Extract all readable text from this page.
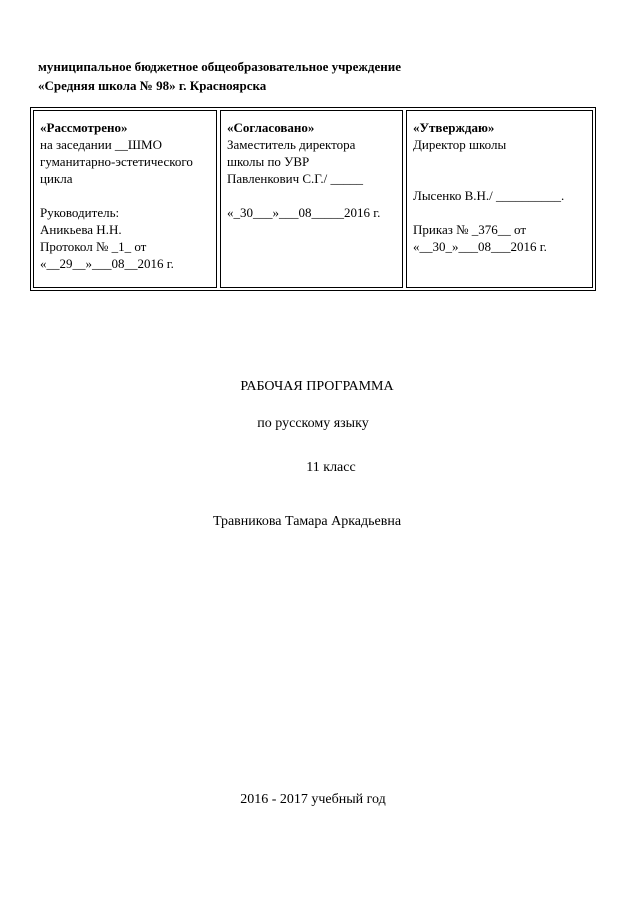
муниципальное бюджетное общеобразовательное учреждение
«Средняя школа № 98» г. Красноярска
«Рассмотрено»
на заседании __ШМО
гуманитарно-эстетического
цикла
Руководитель:
Аникьева Н.Н.
Протокол № _1_ от
«__29__»___08__2016 г.
«Согласовано»
Заместитель директора
школы по УВР
Павленкович С.Г./ _____
«_30___»___08_____2016 г.
«Утверждаю»
Директор школы
Лысенко В.Н./ __________.
Приказ № _376__ от
«__30_»___08___2016 г.
РАБОЧАЯ ПРОГРАММА
по русскому языку
11 класс
Травникова Тамара Аркадьевна
2016 - 2017 учебный год
